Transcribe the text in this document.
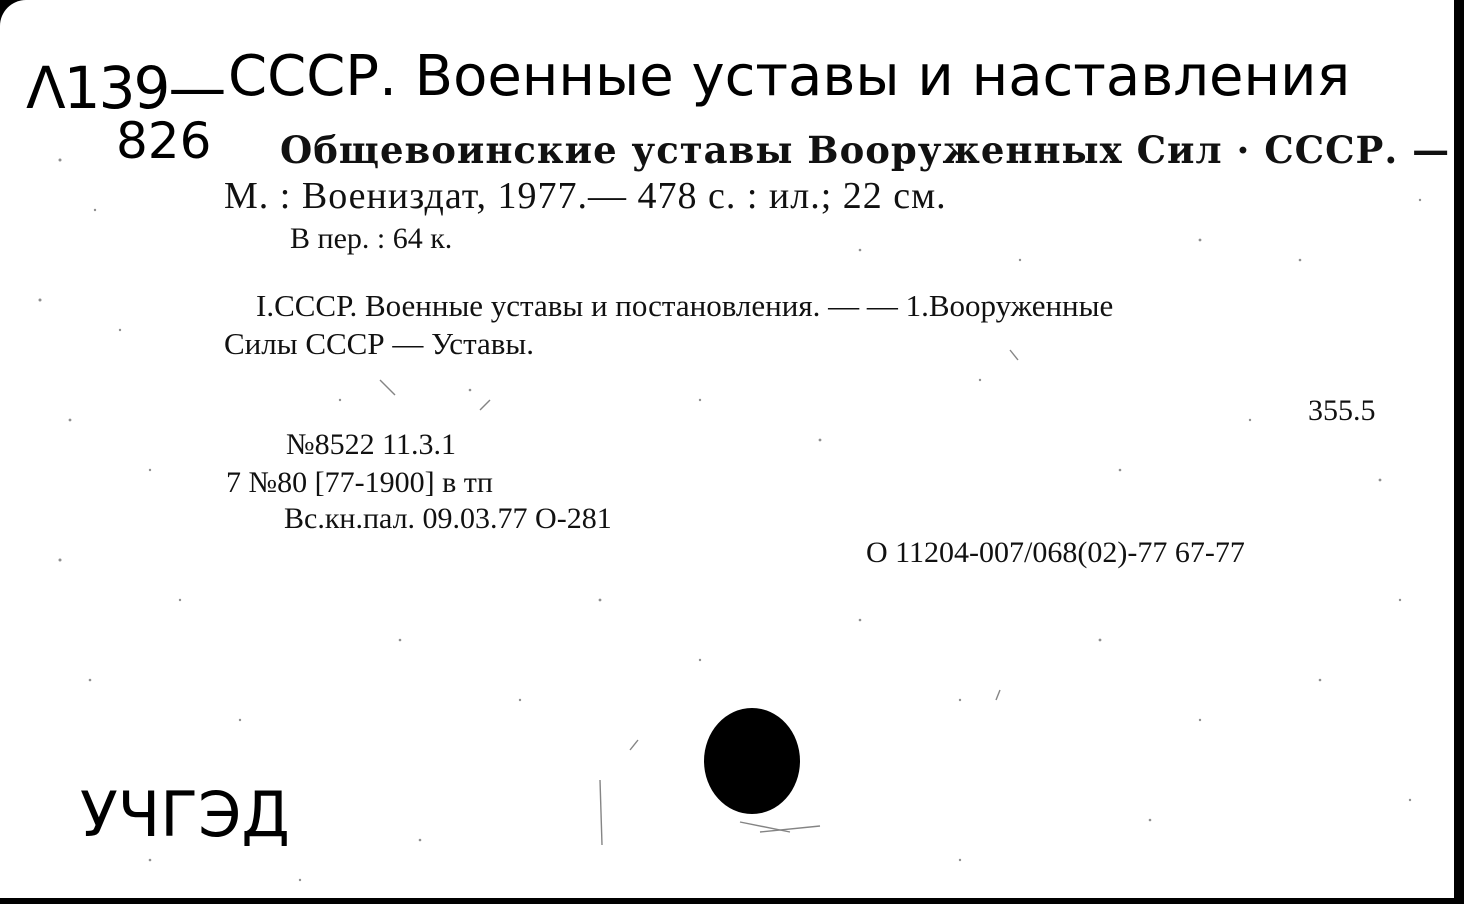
Λ139—
826
СССР. Военные уставы и наставления
УЧГЭД
Общевоинские уставы Вооруженных Сил · СССР. —
М. : Воениздат, 1977.— 478 с. : ил.; 22 см.
В пер. : 64 к.
I.СССР. Военные уставы и постановления. — — 1.Вооруженные
Силы СССР — Уставы.
355.5
№8522 11.3.1
7 №80 [77-1900] в тп
Вс.кн.пал. 09.03.77 О-281
О 11204-007/068(02)-77 67-77
